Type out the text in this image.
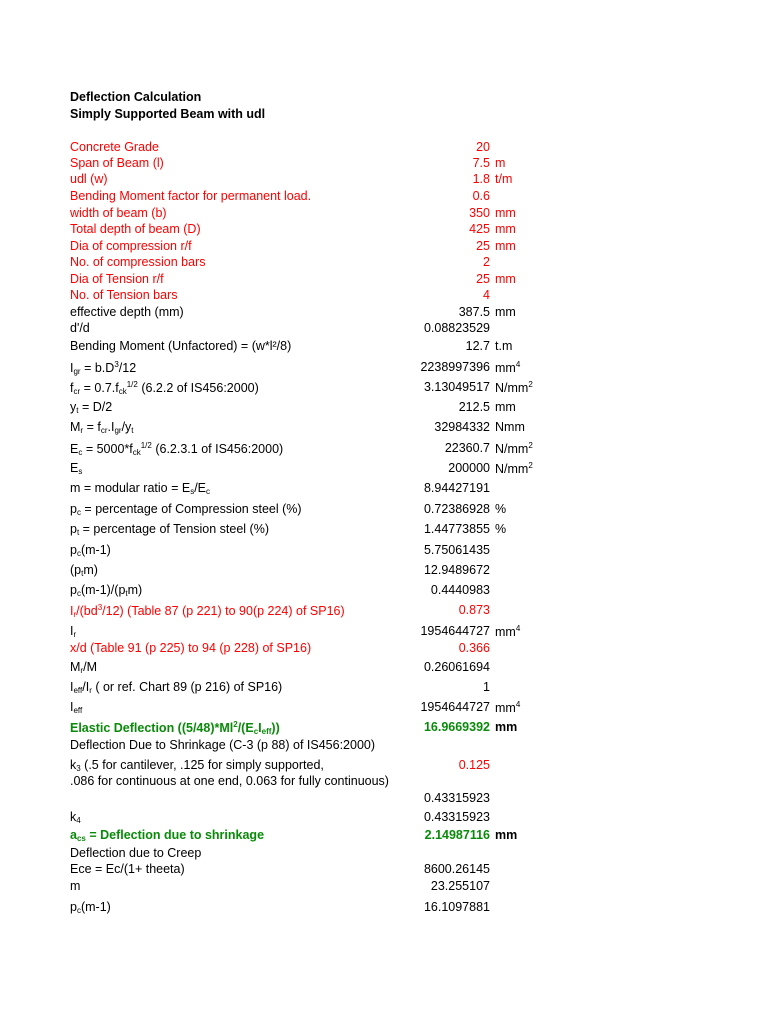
Deflection Calculation
Simply Supported Beam with udl
Concrete Grade	20
Span of Beam (l)	7.5 m
udl (w)	1.8 t/m
Bending Moment factor for permanent load.	0.6
width of beam (b)	350 mm
Total depth of beam (D)	425 mm
Dia of compression r/f	25 mm
No. of compression bars	2
Dia of Tension r/f	25 mm
No. of Tension bars	4
effective depth (mm)	387.5 mm
d'/d	0.08823529
Bending Moment (Unfactored) = (w*l²/8)	12.7 t.m
$I_{gr} = b.D^3/12$	2238997396 $mm^4$
$f_{cr} = 0.7.f_{ck}^{1/2}$ (6.2.2 of IS456:2000)	3.13049517 $N/mm^2$
$y_t = D/2$	212.5 mm
$M_r = f_{cr}.I_{gr}/y_t$	32984332 Nmm
$E_c = 5000*f_{ck}^{1/2}$ (6.2.3.1 of IS456:2000)	22360.7 $N/mm^2$
$E_s$	200000 $N/mm^2$
m = modular ratio = $E_s/E_c$	8.94427191
$p_c$ = percentage of Compression steel (%)	0.72386928 %
$p_t$ = percentage of Tension steel (%)	1.44773855 %
$p_c(m-1)$	5.75061435
$(p_tm)$	12.9489672
$p_c(m-1)/(p_tm)$	0.4440983
$I_r/(bd^3/12)$ (Table 87 (p 221) to 90(p 224) of SP16)	0.873
$I_r$	1954644727 $mm^4$
x/d (Table 91 (p 225) to 94 (p 228) of SP16)	0.366
$M_r/M$	0.26061694
$I_{eff}/I_r$ ( or ref. Chart 89 (p 216) of SP16)	1
$I_{eff}$	1954644727 $mm^4$
Elastic Deflection $((5/48)*Ml^2/(E_cI_{eff}))$	16.9669392 mm
Deflection Due to Shrinkage (C-3 (p 88) of IS456:2000)
$k_3$ (.5 for cantilever, .125 for simply supported,	0.125
.086 for continuous at one end, 0.063 for fully continuous)
0.43315923
$k_4$	0.43315923
$a_{cs}$ = Deflection due to shrinkage	2.14987116 mm
Deflection due to Creep
Ece = Ec/(1+ theeta)	8600.26145
m	23.255107
$p_c(m-1)$	16.1097881
